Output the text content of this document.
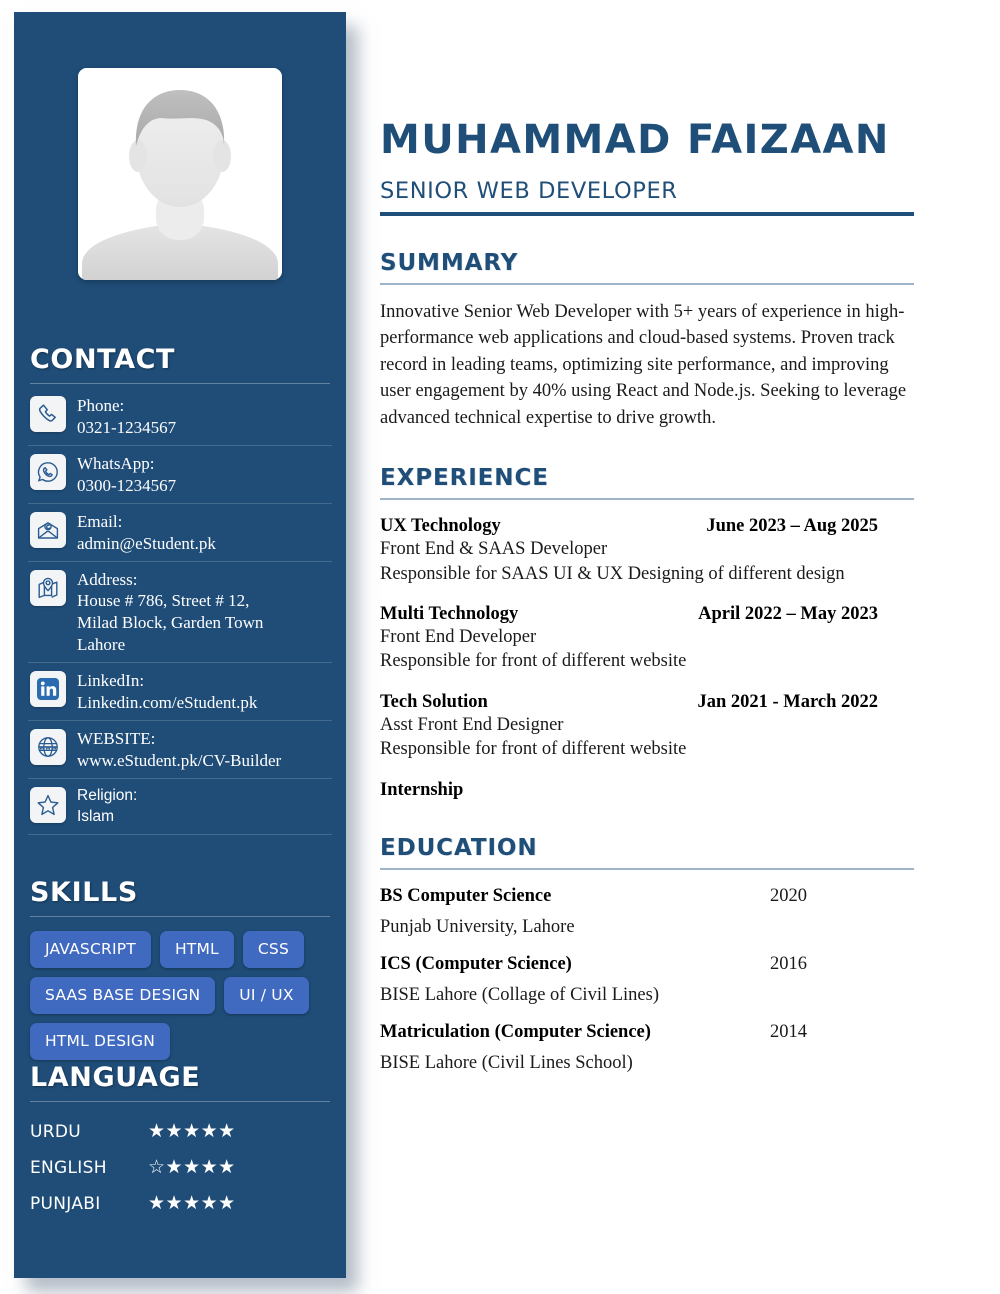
CONTACT
Phone:
0321-1234567
WhatsApp:
0300-1234567
Email:
admin@eStudent.pk
Address:
House # 786, Street # 12,
Milad Block, Garden Town
Lahore
LinkedIn:
Linkedin.com/eStudent.pk
www WEBSITE:
www.eStudent.pk/CV-Builder
Religion:
Islam
SKILLS
JAVASCRIPT	HTML	CSS
SAAS BASE DESIGN	UI / UX
HTML DESIGN
LANGUAGE
URDU	★★★★★
ENGLISH	☆★★★★
PUNJABI	★★★★★
MUHAMMAD FAIZAAN
SENIOR WEB DEVELOPER
SUMMARY

Innovative Senior Web Developer with 5+ years of experience in high-performance web applications and cloud-based systems. Proven track record in leading teams, optimizing site performance, and improving user engagement by 40% using React and Node.js. Seeking to leverage advanced technical expertise to drive growth.

EXPERIENCE
UX Technology	June 2023 – Aug 2025
Front End & SAAS Developer
Responsible for SAAS UI & UX Designing of different design
Multi Technology	April 2022 – May 2023
Front End Developer
Responsible for front of different website
Tech Solution	Jan 2021 - March 2022
Asst Front End Designer
Responsible for front of different website
Internship
EDUCATION
BS Computer Science	2020
Punjab University, Lahore
ICS (Computer Science)	2016
BISE Lahore (Collage of Civil Lines)
Matriculation (Computer Science)	2014
BISE Lahore (Civil Lines School)
